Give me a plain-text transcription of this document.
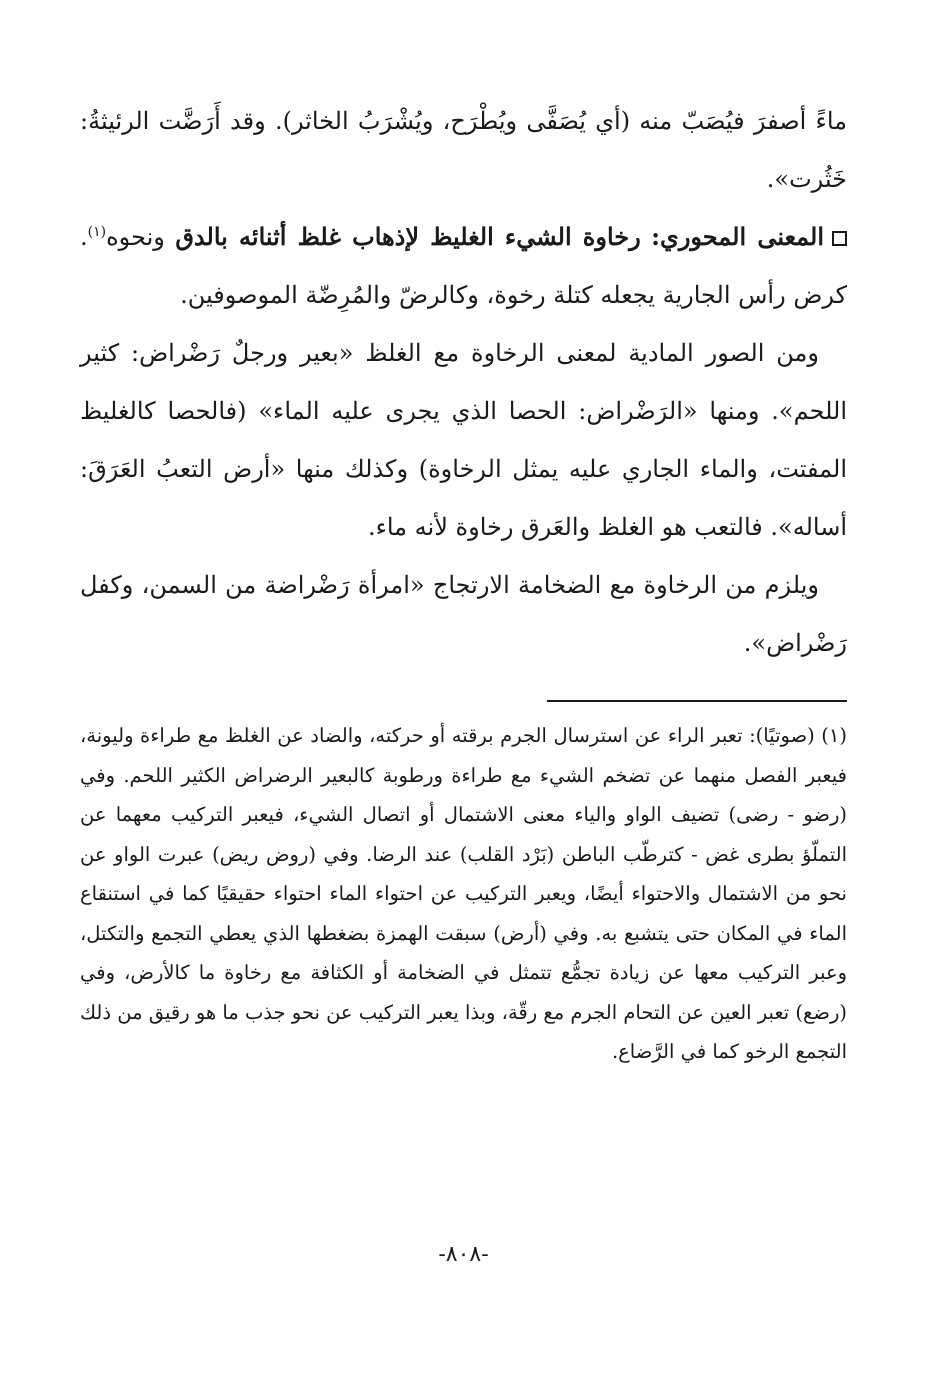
ماءً أصفرَ فيُصَبّ منه (أي يُصَفَّى ويُطْرَح، ويُشْرَبُ الخاثر). وقد أَرَضَّت الرئيثةُ: خَثُرت».

المعنى المحوري: رخاوة الشيء الغليظ لإذهاب غلظ أثنائه بالدق ونحوه$^{(١)}$. كرض رأس الجارية يجعله كتلة رخوة، وكالرضّ والمُرِضّة الموصوفين.

ومن الصور المادية لمعنى الرخاوة مع الغلظ «بعير ورجلٌ رَضْراض: كثير اللحم». ومنها «الرَضْراض: الحصا الذي يجرى عليه الماء» (فالحصا كالغليظ المفتت، والماء الجاري عليه يمثل الرخاوة) وكذلك منها «أرض التعبُ العَرَقَ: أساله». فالتعب هو الغلظ والعَرق رخاوة لأنه ماء.

ويلزم من الرخاوة مع الضخامة الارتجاج «امرأة رَضْراضة من السمن، وكفل رَضْراض».

(١) (صوتيًا): تعبر الراء عن استرسال الجرم برقته أو حركته، والضاد عن الغلظ مع طراءة وليونة، فيعبر الفصل منهما عن تضخم الشيء مع طراءة ورطوبة كالبعير الرضراض الكثير اللحم. وفي (رضو - رضى) تضيف الواو والياء معنى الاشتمال أو اتصال الشيء، فيعبر التركيب معهما عن التملّؤ بطرى غض - كترطّب الباطن (بَرْد القلب) عند الرضا. وفي (روض ريض) عبرت الواو عن نحو من الاشتمال والاحتواء أيضًا، ويعبر التركيب عن احتواء الماء احتواء حقيقيًا كما في استنقاع الماء في المكان حتى يتشبع به. وفي (أرض) سبقت الهمزة بضغطها الذي يعطي التجمع والتكتل، وعبر التركيب معها عن زيادة تجمُّع تتمثل في الضخامة أو الكثافة مع رخاوة ما كالأرض، وفي (رضع) تعبر العين عن التحام الجرم مع رقّة، وبذا يعبر التركيب عن نحو جذب ما هو رقيق من ذلك التجمع الرخو كما في الرَّضاع.

-٨٠٨-
